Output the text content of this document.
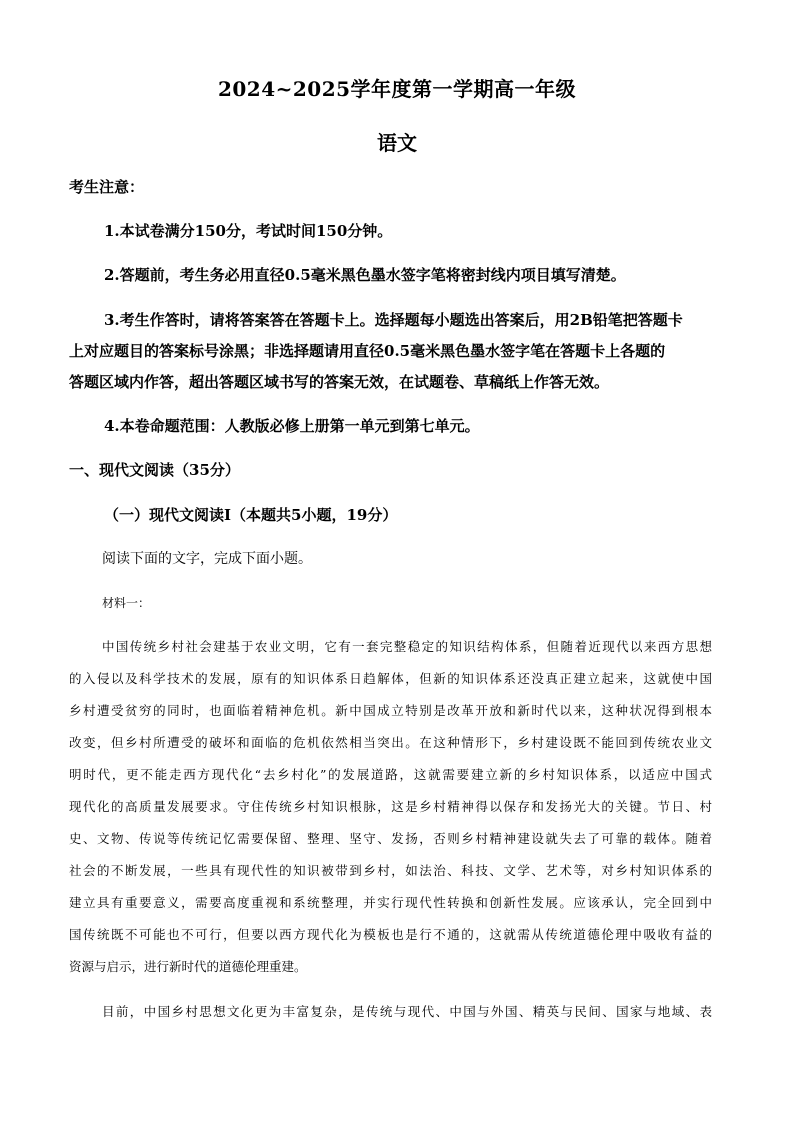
2024~2025学年度第一学期高一年级
语文
考生注意：
1.本试卷满分150分，考试时间150分钟。
2.答题前，考生务必用直径0.5毫米黑色墨水签字笔将密封线内项目填写清楚。
3.考生作答时，请将答案答在答题卡上。选择题每小题选出答案后，用2B铅笔把答题卡
上对应题目的答案标号涂黑；非选择题请用直径0.5毫米黑色墨水签字笔在答题卡上各题的
答题区域内作答，超出答题区域书写的答案无效，在试题卷、草稿纸上作答无效。
4.本卷命题范围：人教版必修上册第一单元到第七单元。
一、现代文阅读（35分）
（一）现代文阅读Ⅰ（本题共5小题，19分）
阅读下面的文字，完成下面小题。
材料一：
中国传统乡村社会建基于农业文明，它有一套完整稳定的知识结构体系，但随着近现代以来西方思想
的入侵以及科学技术的发展，原有的知识体系日趋解体，但新的知识体系还没真正建立起来，这就使中国
乡村遭受贫穷的同时，也面临着精神危机。新中国成立特别是改革开放和新时代以来，这种状况得到根本
改变，但乡村所遭受的破坏和面临的危机依然相当突出。在这种情形下，乡村建设既不能回到传统农业文
明时代，更不能走西方现代化“去乡村化”的发展道路，这就需要建立新的乡村知识体系，以适应中国式
现代化的高质量发展要求。守住传统乡村知识根脉，这是乡村精神得以保存和发扬光大的关键。节日、村
史、文物、传说等传统记忆需要保留、整理、坚守、发扬，否则乡村精神建设就失去了可靠的载体。随着
社会的不断发展，一些具有现代性的知识被带到乡村，如法治、科技、文学、艺术等，对乡村知识体系的
建立具有重要意义，需要高度重视和系统整理，并实行现代性转换和创新性发展。应该承认，完全回到中
国传统既不可能也不可行，但要以西方现代化为模板也是行不通的，这就需从传统道德伦理中吸收有益的
资源与启示，进行新时代的道德伦理重建。
目前，中国乡村思想文化更为丰富复杂，是传统与现代、中国与外国、精英与民间、国家与地域、表
